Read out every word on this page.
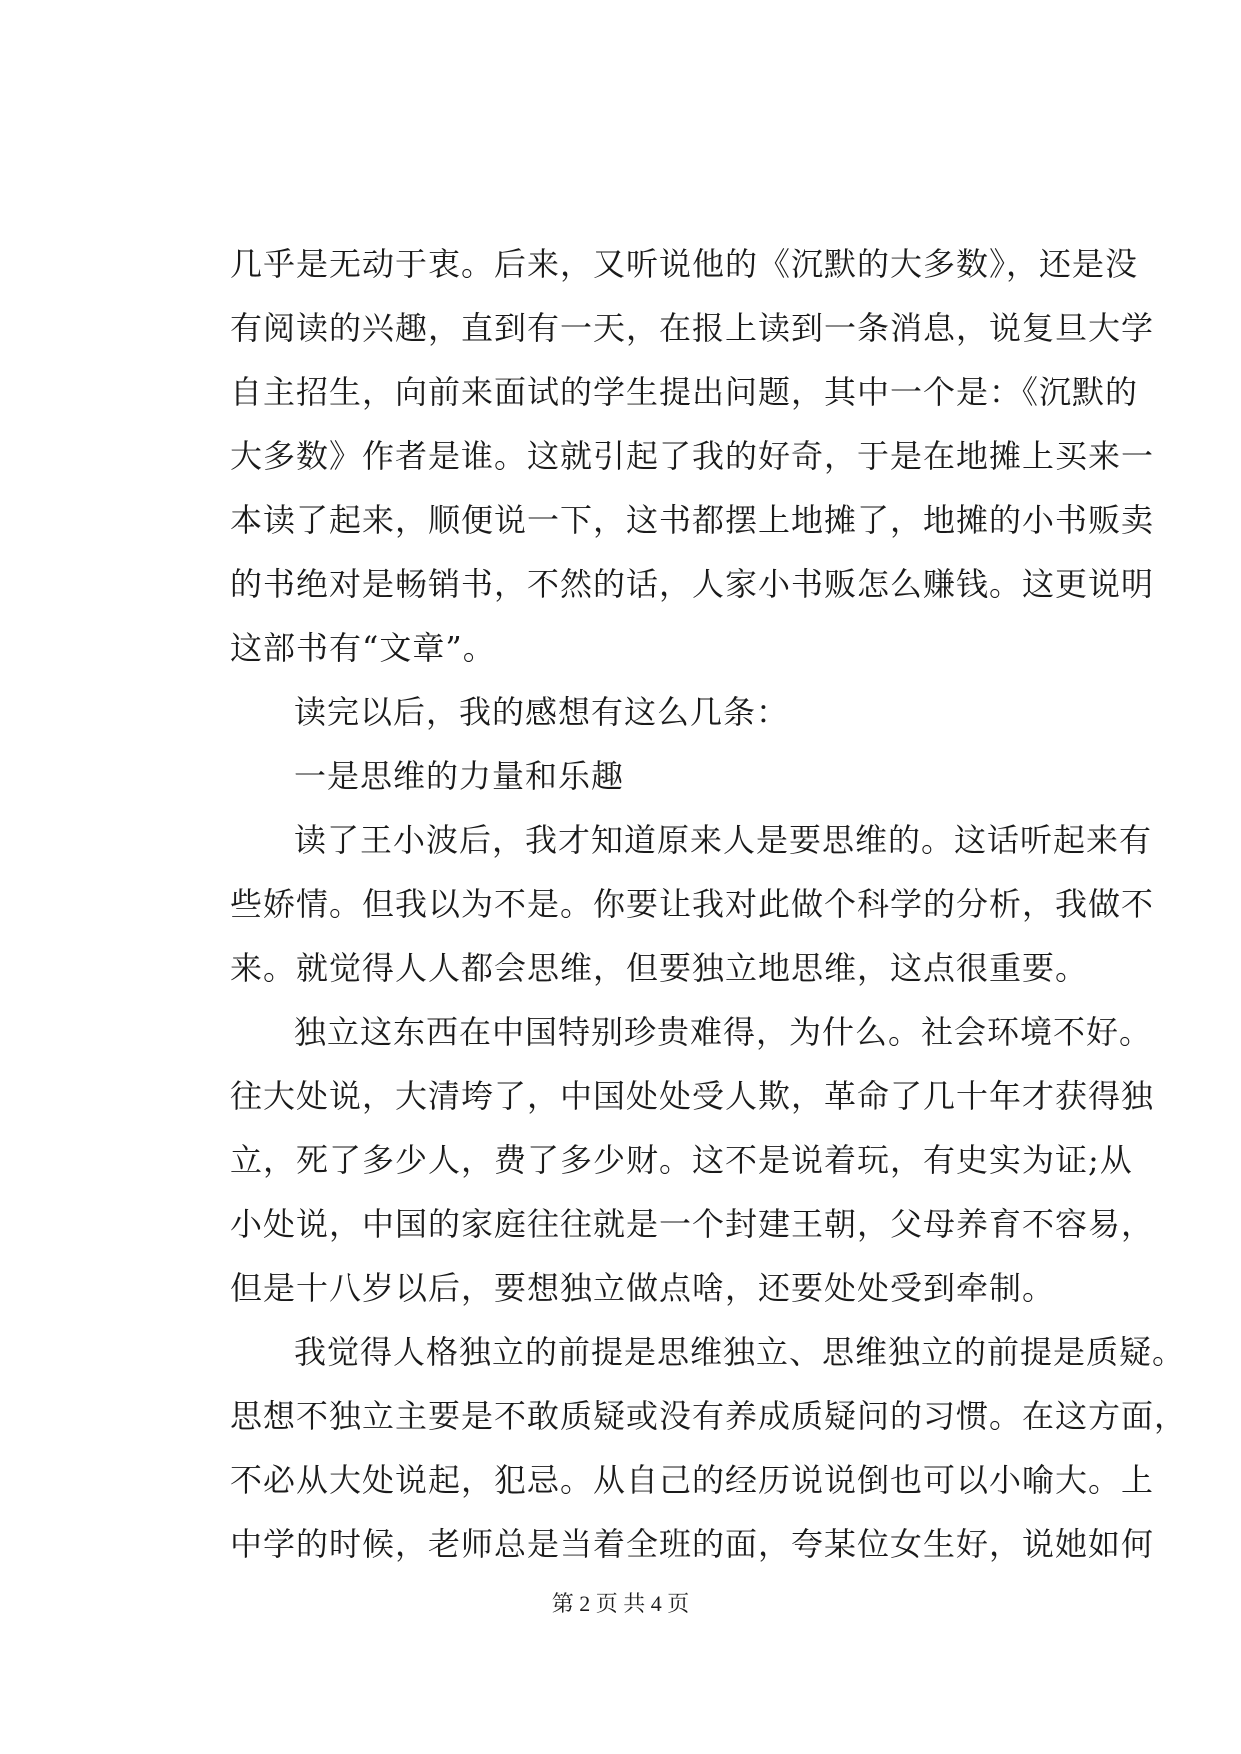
几乎是无动于衷。后来，又听说他的《沉默的大多数》，还是没
有阅读的兴趣，直到有一天，在报上读到一条消息，说复旦大学
自主招生，向前来面试的学生提出问题，其中一个是：《沉默的
大多数》作者是谁。这就引起了我的好奇，于是在地摊上买来一
本读了起来，顺便说一下，这书都摆上地摊了，地摊的小书贩卖
的书绝对是畅销书，不然的话，人家小书贩怎么赚钱。这更说明
这部书有“文章”。
读完以后，我的感想有这么几条：
一是思维的力量和乐趣
读了王小波后，我才知道原来人是要思维的。这话听起来有
些娇情。但我以为不是。你要让我对此做个科学的分析，我做不
来。就觉得人人都会思维，但要独立地思维，这点很重要。
独立这东西在中国特别珍贵难得，为什么。社会环境不好。
往大处说，大清垮了，中国处处受人欺，革命了几十年才获得独
立，死了多少人，费了多少财。这不是说着玩，有史实为证;从
小处说，中国的家庭往往就是一个封建王朝，父母养育不容易，
但是十八岁以后，要想独立做点啥，还要处处受到牵制。
我觉得人格独立的前提是思维独立、思维独立的前提是质疑。
思想不独立主要是不敢质疑或没有养成质疑问的习惯。在这方面，
不必从大处说起，犯忌。从自己的经历说说倒也可以小喻大。上
中学的时候，老师总是当着全班的面，夸某位女生好，说她如何
第 2 页 共 4 页
